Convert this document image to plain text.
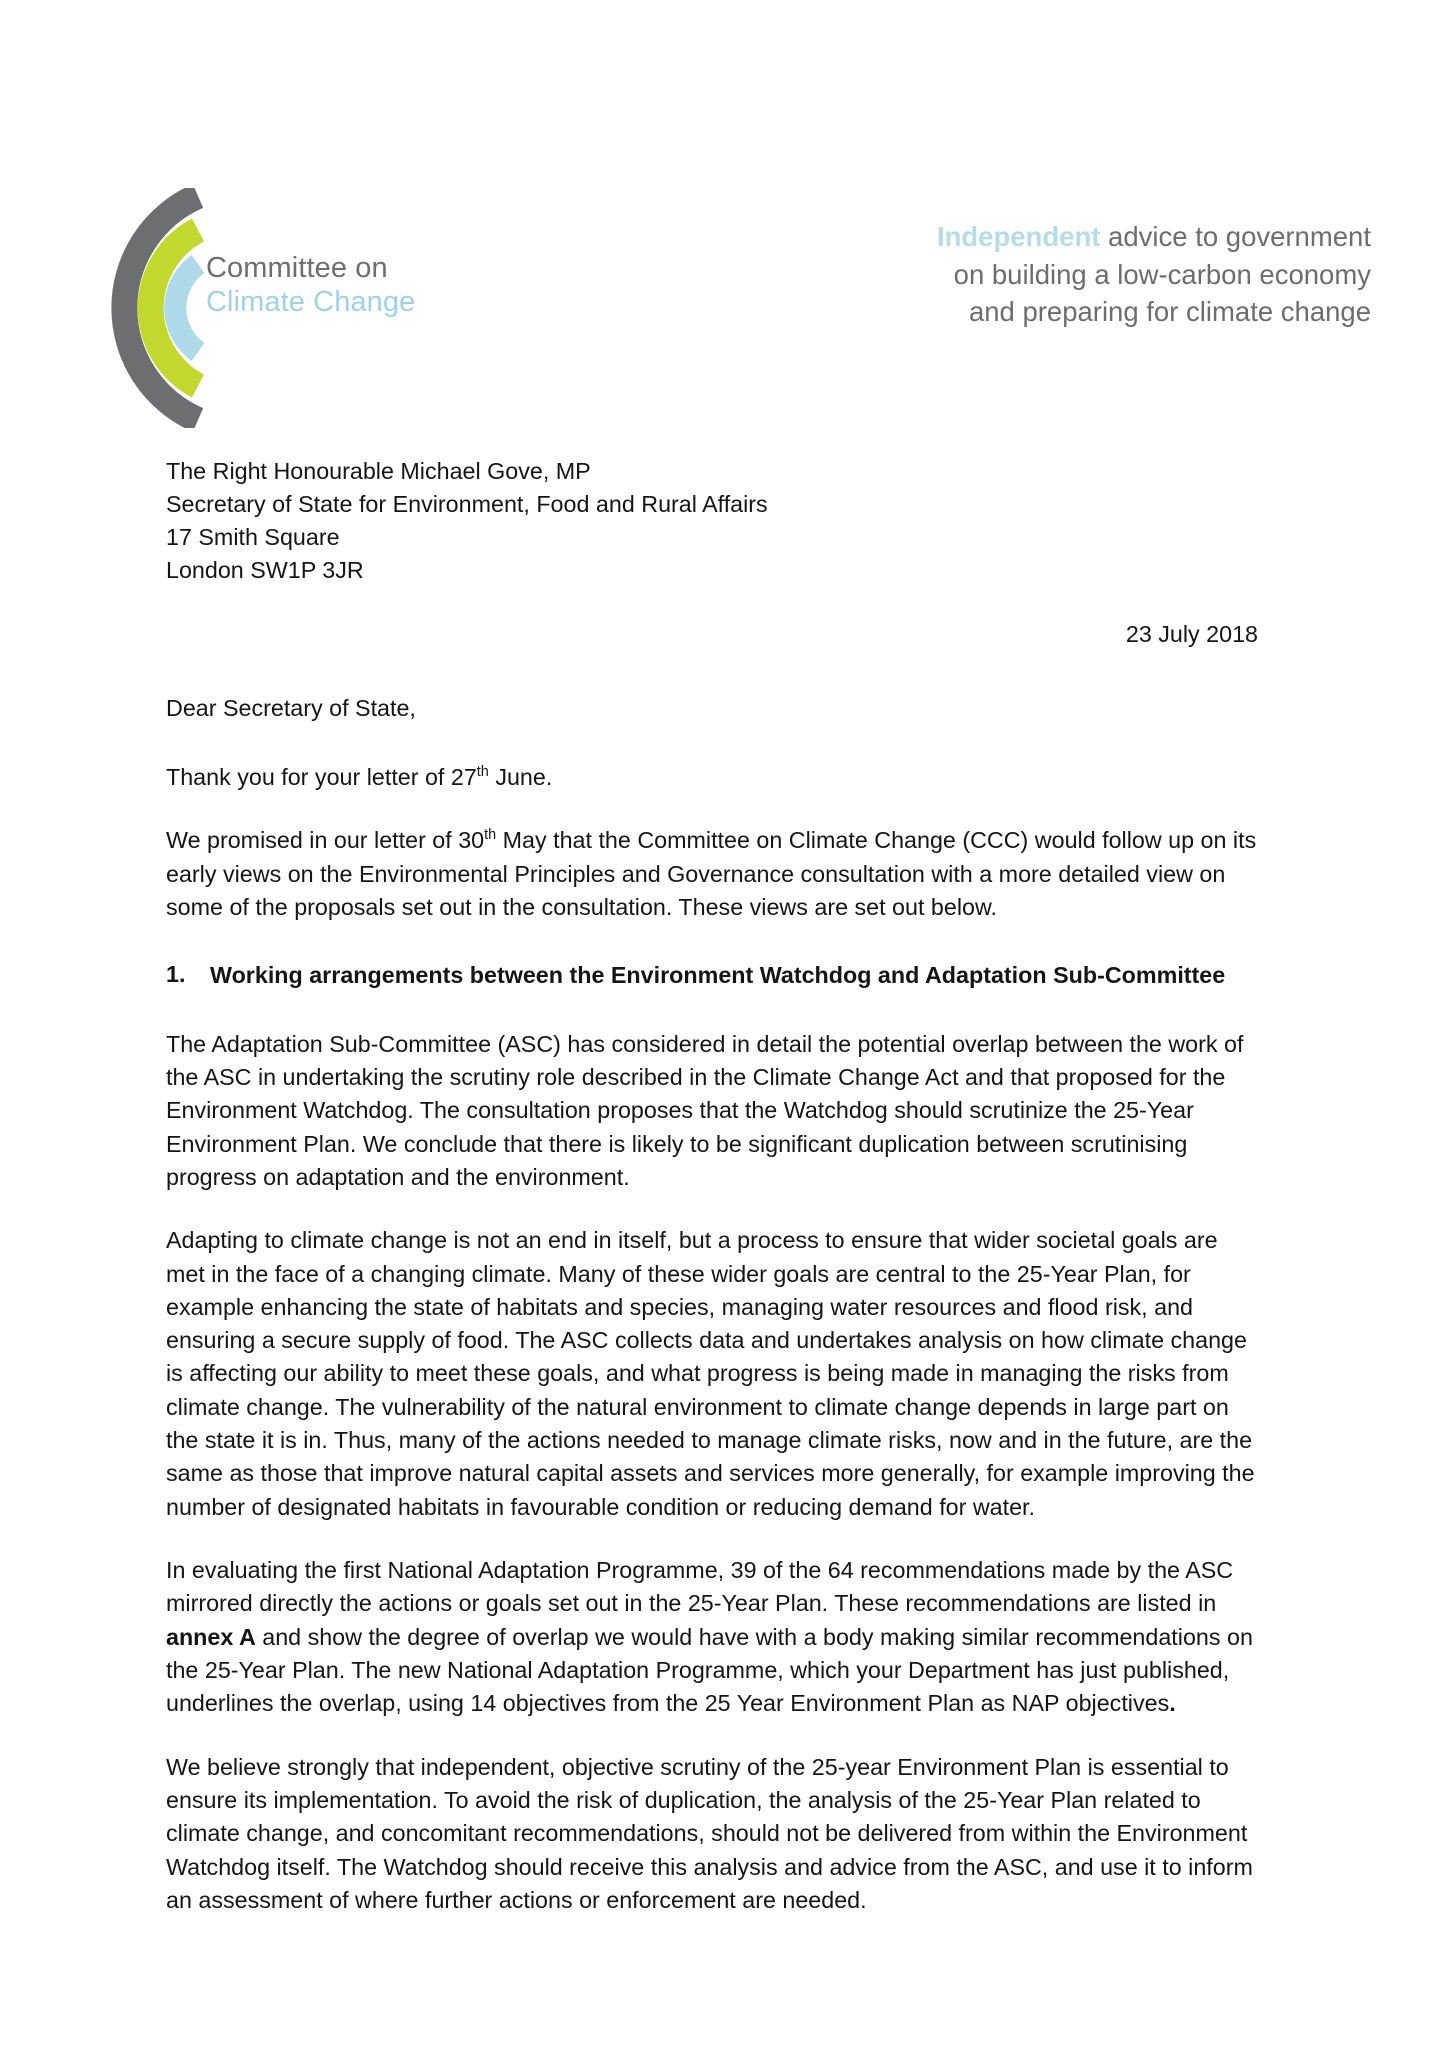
Committee on
Climate Change
Independent advice to government
on building a low-carbon economy
and preparing for climate change
The Right Honourable Michael Gove, MP
Secretary of State for Environment, Food and Rural Affairs
17 Smith Square
London SW1P 3JR
23 July 2018
Dear Secretary of State,

Thank you for your letter of 27th June.

We promised in our letter of 30th May that the Committee on Climate Change (CCC) would follow up on its early views on the Environmental Principles and Governance consultation with a more detailed view on some of the proposals set out in the consultation. These views are set out below.

1.	Working arrangements between the Environment Watchdog and Adaptation Sub-Committee

The Adaptation Sub-Committee (ASC) has considered in detail the potential overlap between the work of the ASC in undertaking the scrutiny role described in the Climate Change Act and that proposed for the Environment Watchdog. The consultation proposes that the Watchdog should scrutinize the 25-Year Environment Plan. We conclude that there is likely to be significant duplication between scrutinising progress on adaptation and the environment.

Adapting to climate change is not an end in itself, but a process to ensure that wider societal goals are met in the face of a changing climate. Many of these wider goals are central to the 25-Year Plan, for example enhancing the state of habitats and species, managing water resources and flood risk, and ensuring a secure supply of food. The ASC collects data and undertakes analysis on how climate change is affecting our ability to meet these goals, and what progress is being made in managing the risks from climate change. The vulnerability of the natural environment to climate change depends in large part on the state it is in. Thus, many of the actions needed to manage climate risks, now and in the future, are the same as those that improve natural capital assets and services more generally, for example improving the number of designated habitats in favourable condition or reducing demand for water.

In evaluating the first National Adaptation Programme, 39 of the 64 recommendations made by the ASC mirrored directly the actions or goals set out in the 25-Year Plan. These recommendations are listed in annex A and show the degree of overlap we would have with a body making similar recommendations on the 25-Year Plan. The new National Adaptation Programme, which your Department has just published, underlines the overlap, using 14 objectives from the 25 Year Environment Plan as NAP objectives.

We believe strongly that independent, objective scrutiny of the 25-year Environment Plan is essential to ensure its implementation. To avoid the risk of duplication, the analysis of the 25-Year Plan related to climate change, and concomitant recommendations, should not be delivered from within the Environment Watchdog itself. The Watchdog should receive this analysis and advice from the ASC, and use it to inform an assessment of where further actions or enforcement are needed.
